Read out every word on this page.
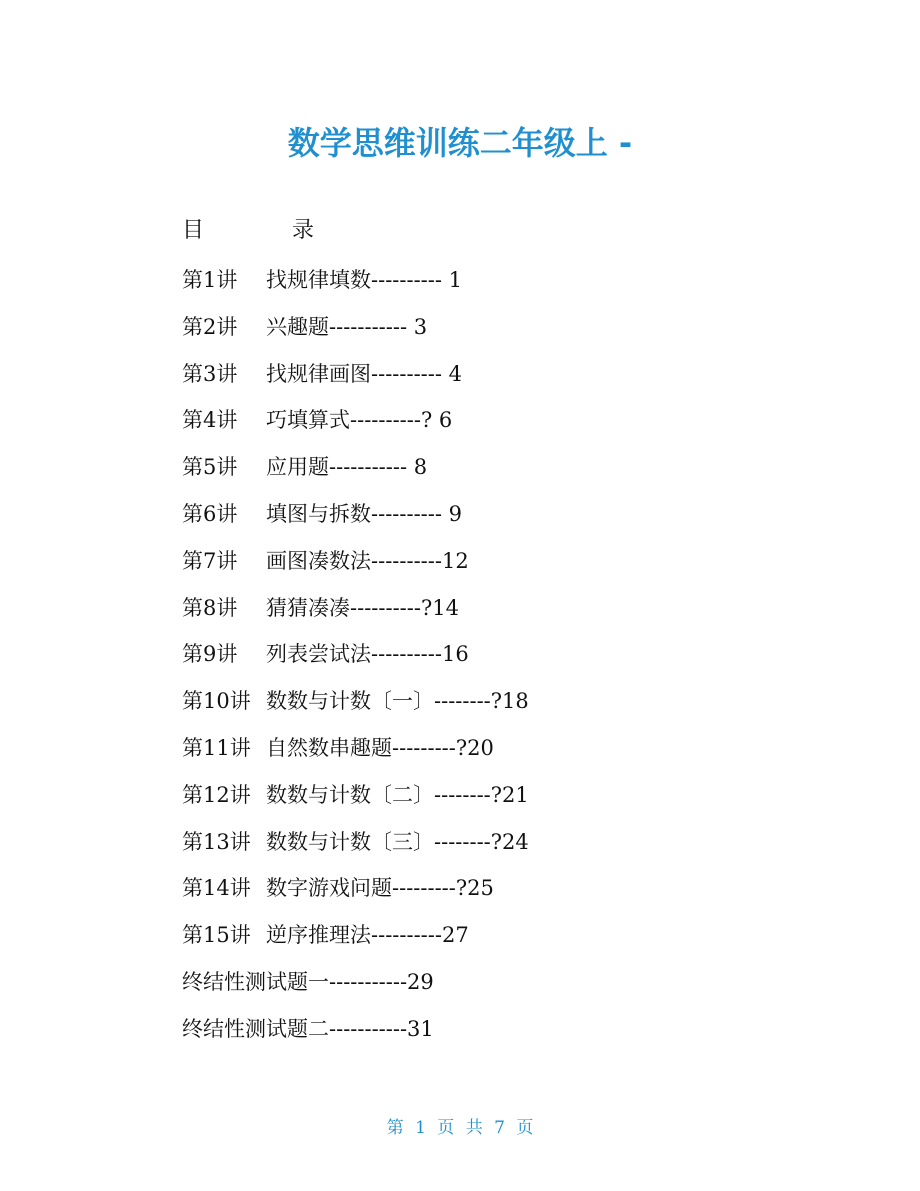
数学思维训练二年级上 -
目	录
第1讲 找规律填数---------- 1
第2讲 兴趣题----------- 3
第3讲 找规律画图---------- 4
第4讲 巧填算式----------? 6
第5讲 应用题----------- 8
第6讲 填图与拆数---------- 9
第7讲 画图凑数法----------12
第8讲 猜猜凑凑----------?14
第9讲 列表尝试法----------16
第10讲 数数与计数〔一〕--------?18
第11讲 自然数串趣题---------?20
第12讲 数数与计数〔二〕--------?21
第13讲 数数与计数〔三〕--------?24
第14讲 数字游戏问题---------?25
第15讲 逆序推理法----------27
终结性测试题一-----------29
终结性测试题二-----------31
第 1 页 共 7 页
